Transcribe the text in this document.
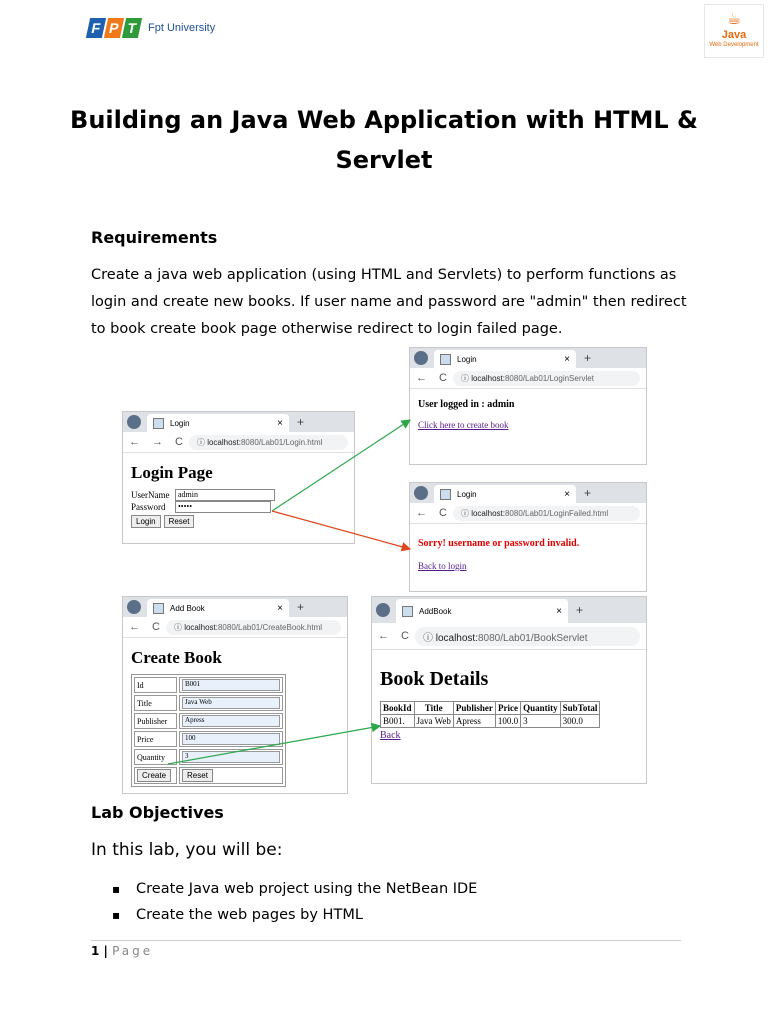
F P T Fpt University	☕
Java
Web Development
Building an Java Web Application with HTML &
Servlet
Requirements
Create a java web application (using HTML and Servlets) to perform functions as login and create new books. If user name and password are "admin" then redirect to book create book page otherwise redirect to login failed page.
Login	× +
← → C	ⓘ localhost:8080/Lab01/Login.html
Login Page
UserName	admin
Password	•••••
Login Reset
Login	× +
← C	ⓘ localhost:8080/Lab01/LoginServlet
User logged in : admin
Click here to create book
Login	× +
← C	ⓘ localhost:8080/Lab01/LoginFailed.html
Sorry! username or password invalid.
Back to login
Add Book	× +
← C	ⓘ localhost:8080/Lab01/CreateBook.html
Create Book
Id	B001

Title	Java Web

Publisher	Apress

Price	100

Quantity	3

Create	Reset
AddBook	× +
← C	ⓘ localhost:8080/Lab01/BookServlet
Book Details
BookId	Title	Publisher	Price	Quantity	SubTotal
B001.	Java Web	Apress	100.0	3	300.0
Back
Lab Objectives
In this lab, you will be:
▪ Create Java web project using the NetBean IDE
▪ Create the web pages by HTML
1 | Page
